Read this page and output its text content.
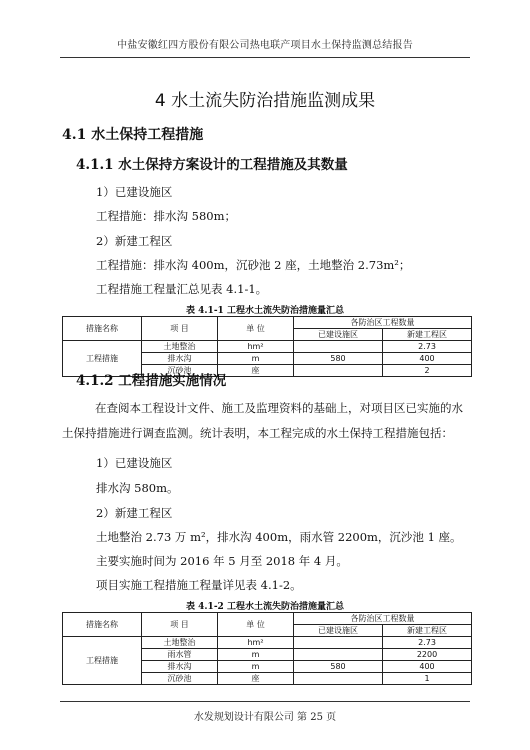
中盐安徽红四方股份有限公司热电联产项目水土保持监测总结报告
4 水土流失防治措施监测成果
4.1 水土保持工程措施
4.1.1 水土保持方案设计的工程措施及其数量
1）已建设施区
工程措施：排水沟 580m；
2）新建工程区
工程措施：排水沟 400m，沉砂池 2 座，土地整治 2.73m²；
工程措施工程量汇总见表 4.1-1。
表 4.1-1 工程水土流失防治措施量汇总
措施名称	项 目	单 位	各防治区工程数量	
			已建设施区	新建工程区
工程措施	土地整治	hm²		2.73
	排水沟	m	580	400
	沉砂池	座		2
4.1.2 工程措施实施情况
在查阅本工程设计文件、施工及监理资料的基础上，对项目区已实施的水土保持措施进行调查监测。统计表明，本工程完成的水土保持工程措施包括：
1）已建设施区
排水沟 580m。
2）新建工程区
土地整治 2.73 万 m²，排水沟 400m，雨水管 2200m，沉沙池 1 座。
主要实施时间为 2016 年 5 月至 2018 年 4 月。
项目实施工程措施工程量详见表 4.1-2。
表 4.1-2 工程水土流失防治措施量汇总
措施名称	项 目	单 位	各防治区工程数量	
			已建设施区	新建工程区
工程措施	土地整治	hm²		2.73
	雨水管	m		2200
	排水沟	m	580	400
	沉砂池	座		1
水发规划设计有限公司 第 25 页
